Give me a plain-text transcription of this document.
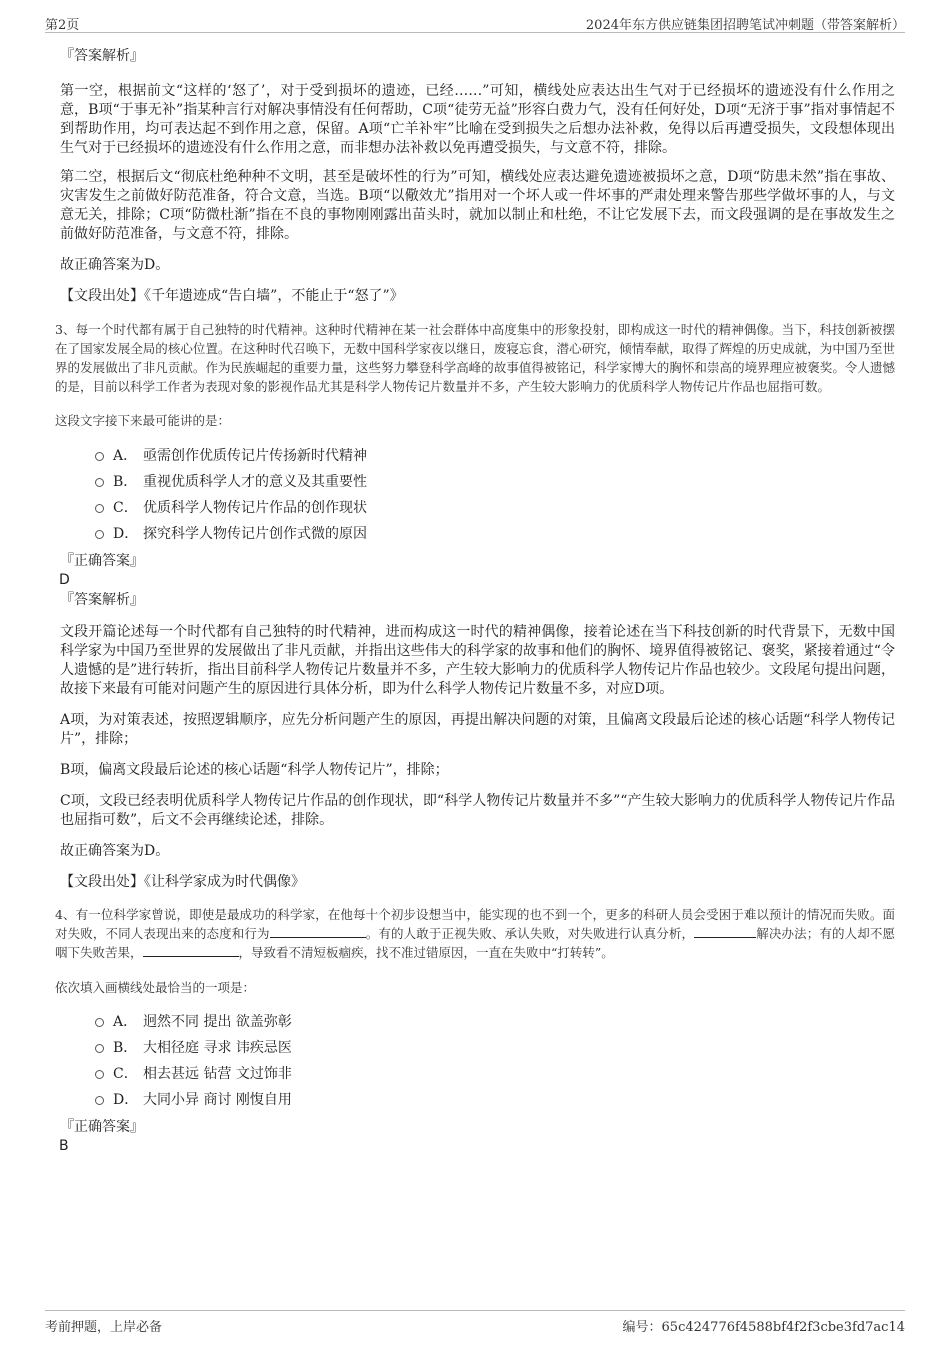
第2页	2024年东方供应链集团招聘笔试冲刺题（带答案解析）
『答案解析』

第一空，根据前文“这样的‘怒了’，对于受到损坏的遗迹，已经……”可知，横线处应表达出生气对于已经损坏的遗迹没有什么作用之意，B项“于事无补”指某种言行对解决事情没有任何帮助，C项“徒劳无益”形容白费力气，没有任何好处，D项“无济于事”指对事情起不到帮助作用，均可表达起不到作用之意，保留。A项“亡羊补牢”比喻在受到损失之后想办法补救，免得以后再遭受损失，文段想体现出生气对于已经损坏的遗迹没有什么作用之意，而非想办法补救以免再遭受损失，与文意不符，排除。

第二空，根据后文“彻底杜绝种种不文明，甚至是破坏性的行为”可知，横线处应表达避免遗迹被损坏之意，D项“防患未然”指在事故、灾害发生之前做好防范准备，符合文意，当选。B项“以儆效尤”指用对一个坏人或一件坏事的严肃处理来警告那些学做坏事的人，与文意无关，排除；C项“防微杜渐”指在不良的事物刚刚露出苗头时，就加以制止和杜绝，不让它发展下去，而文段强调的是在事故发生之前做好防范准备，与文意不符，排除。

故正确答案为D。

【文段出处】《千年遗迹成“告白墙”，不能止于“怒了”》

3、每一个时代都有属于自己独特的时代精神。这种时代精神在某一社会群体中高度集中的形象投射，即构成这一时代的精神偶像。当下，科技创新被摆在了国家发展全局的核心位置。在这种时代召唤下，无数中国科学家夜以继日，废寝忘食，潜心研究，倾情奉献，取得了辉煌的历史成就，为中国乃至世界的发展做出了非凡贡献。作为民族崛起的重要力量，这些努力攀登科学高峰的故事值得被铭记，科学家博大的胸怀和崇高的境界理应被褒奖。令人遗憾的是，目前以科学工作者为表现对象的影视作品尤其是科学人物传记片数量并不多，产生较大影响力的优质科学人物传记片作品也屈指可数。

这段文字接下来最可能讲的是：

A． 亟需创作优质传记片传扬新时代精神
B． 重视优质科学人才的意义及其重要性
C． 优质科学人物传记片作品的创作现状
D． 探究科学人物传记片创作式微的原因
『正确答案』
D
『答案解析』

文段开篇论述每一个时代都有自己独特的时代精神，进而构成这一时代的精神偶像，接着论述在当下科技创新的时代背景下，无数中国科学家为中国乃至世界的发展做出了非凡贡献，并指出这些伟大的科学家的故事和他们的胸怀、境界值得被铭记、褒奖，紧接着通过“令人遗憾的是”进行转折，指出目前科学人物传记片数量并不多，产生较大影响力的优质科学人物传记片作品也较少。文段尾句提出问题，故接下来最有可能对问题产生的原因进行具体分析，即为什么科学人物传记片数量不多，对应D项。

A项，为对策表述，按照逻辑顺序，应先分析问题产生的原因，再提出解决问题的对策，且偏离文段最后论述的核心话题“科学人物传记片”，排除；

B项，偏离文段最后论述的核心话题“科学人物传记片”，排除；

C项，文段已经表明优质科学人物传记片作品的创作现状，即“科学人物传记片数量并不多”“产生较大影响力的优质科学人物传记片作品也屈指可数”，后文不会再继续论述，排除。

故正确答案为D。

【文段出处】《让科学家成为时代偶像》

4、有一位科学家曾说，即使是最成功的科学家，在他每十个初步设想当中，能实现的也不到一个，更多的科研人员会受困于难以预计的情况而失败。面对失败，不同人表现出来的态度和行为	。有的人敢于正视失败、承认失败，对失败进行认真分析，	解决办法；有的人却不愿咽下失败苦果，	，导致看不清短板痼疾，找不准过错原因，一直在失败中“打转转”。

依次填入画横线处最恰当的一项是：

A． 迥然不同 提出 欲盖弥彰
B． 大相径庭 寻求 讳疾忌医
C． 相去甚远 钻营 文过饰非
D． 大同小异 商讨 刚愎自用
『正确答案』
B
考前押题，上岸必备	编号：65c424776f4588bf4f2f3cbe3fd7ac14
